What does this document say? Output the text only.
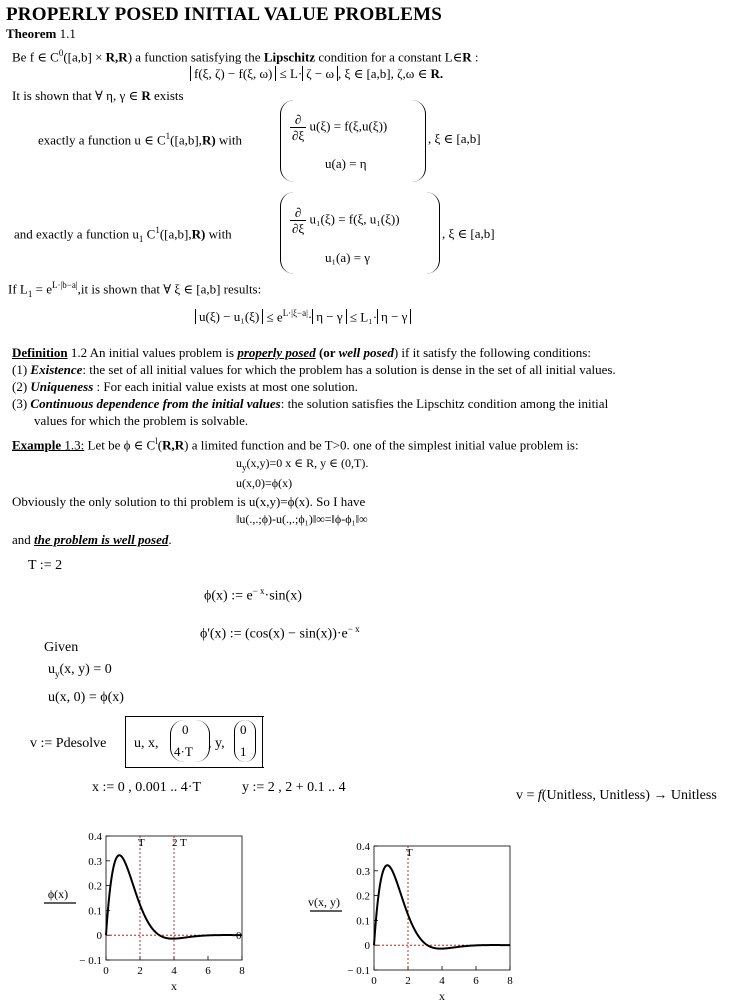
PROPERLY POSED INITIAL VALUE PROBLEMS
Theorem 1.1
Be f ∈ $C^0([a,b] \times R,R)$ a function satisfying the Lipschitz condition for a constant L∈R :
f(ξ, ζ) − f(ξ, ω) ≤ L· ζ − ω , ξ ∈ [a,b], ζ,ω ∈ R.
It is shown that ∀ η, γ ∈ R exists
exactly a function u ∈ $C^1([a,b],R)$ with	$\frac{\partial}{\partial\xi} u(\xi) = f(\xi,u(\xi))$
u(a) = η
, ξ ∈ [a,b]
and exactly a function $u_1$ $C^1([a,b],R)$ with	$\frac{\partial}{\partial\xi} u_1(\xi) = f(\xi$, u₁(ξ))
u₁(a) = γ
, ξ ∈ [a,b]
If $L_1 = e^{L\cdot|b-a|},it$ is shown that ∀ ξ ∈ [a,b] results:
$u(\xi) - u_1(\xi) \le e^{L\cdot|\xi-a|}\cdot \eta - \gamma \le L_1\cdot \eta - \gamma$
Definition 1.2 An initial values problem is properly posed (or well posed) if it satisfy the following conditions:
(1) Existence: the set of all initial values for which the problem has a solution is dense in the set of all initial values.
(2) Uniqueness : For each initial value exists at most one solution.
(3) Continuous dependence from the initial values: the solution satisfies the Lipschitz condition among the initial
values for which the problem is solvable.
Example 1.3: Let be ϕ ∈ $C^l(R,R)$ a limited function and be T>0. one of the simplest initial value problem is:
$u_y(x,y)=0$ x ∈ R, y ∈ (0,T).
u(x,0)=ϕ(x)
Obviously the only solution to thi problem is u(x,y)=ϕ(x). So I have
‖u(.,.;ϕ)-u(.,.;ϕ₁)‖∞=‖ϕ-ϕ₁‖∞
and the problem is well posed.
T := 2
ϕ(x) := $e^{- x}\cdot\sin(x)$
ϕ'(x) := $(\cos(x) - \sin(x))\cdot e^{- x}$
Given
$u_y(x$, y) = 0
u(x, 0) = ϕ(x)
v := Pdesolve u, x,
0
4·T
, y,
0
1
x := 0 , 0.001 .. 4·T	y := 2 , 2 + 0.1 .. 4
v = f(Unitless, Unitless) → Unitless
0.4
0.3
0.2
0.1
0
− 0.1
0	2	4	6	8
x
ϕ(x)
0
T 2 T	0.4
0.3
0.2
0.1
0
− 0.1
0	2	4	6	8
x
v(x, y)
T
